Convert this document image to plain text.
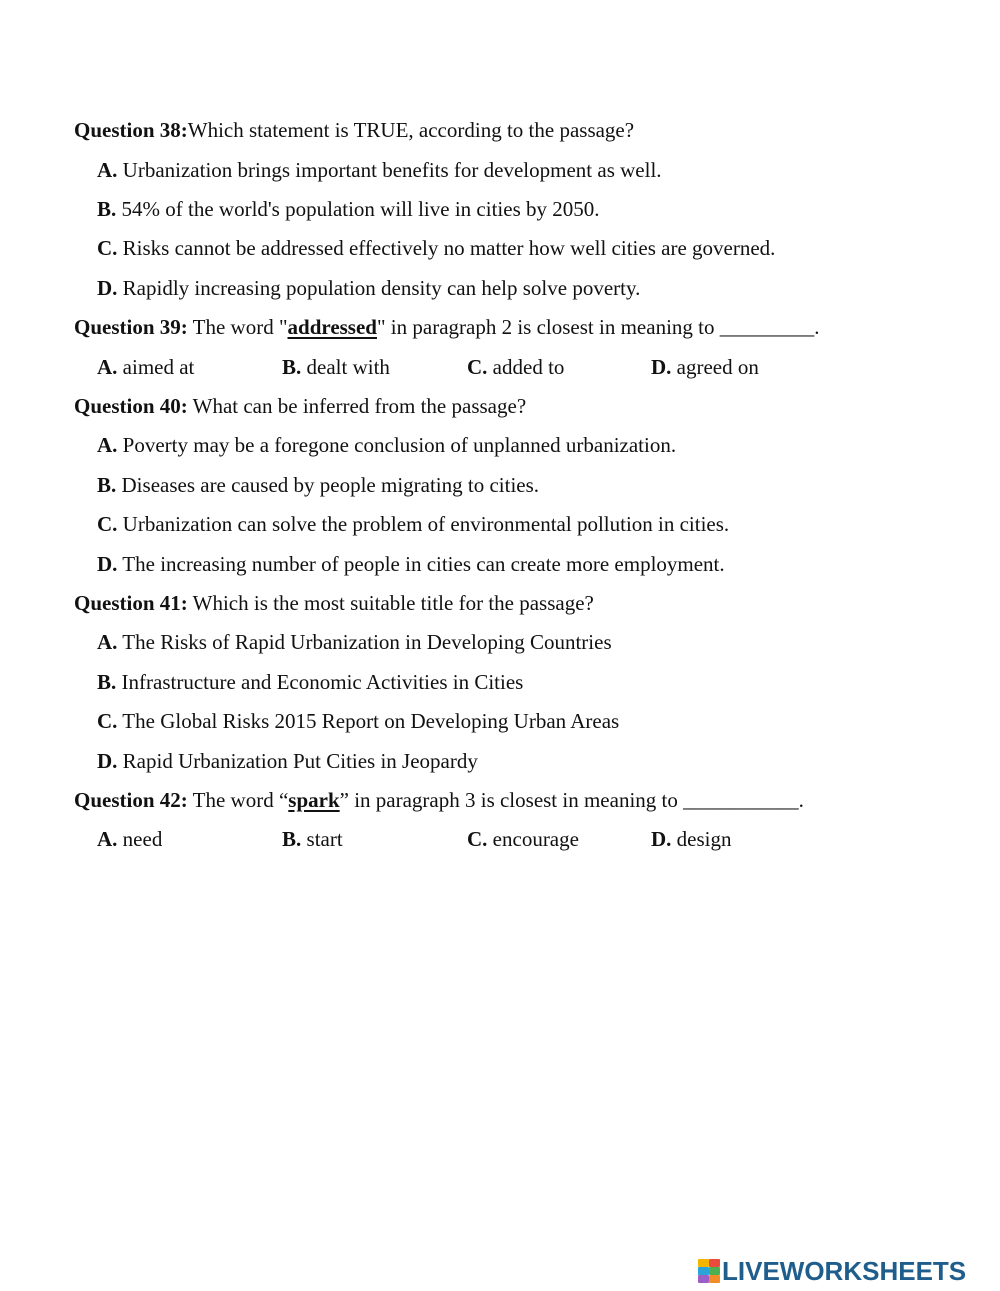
Question 38:Which statement is TRUE, according to the passage?
A. Urbanization brings important benefits for development as well.
B. 54% of the world's population will live in cities by 2050.
C. Risks cannot be addressed effectively no matter how well cities are governed.
D. Rapidly increasing population density can help solve poverty.
Question 39: The word "addressed" in paragraph 2 is closest in meaning to _________.
A. aimed at	B. dealt with	C. added to	D. agreed on
Question 40: What can be inferred from the passage?
A. Poverty may be a foregone conclusion of unplanned urbanization.
B. Diseases are caused by people migrating to cities.
C. Urbanization can solve the problem of environmental pollution in cities.
D. The increasing number of people in cities can create more employment.
Question 41: Which is the most suitable title for the passage?
A. The Risks of Rapid Urbanization in Developing Countries
B. Infrastructure and Economic Activities in Cities
C. The Global Risks 2015 Report on Developing Urban Areas
D. Rapid Urbanization Put Cities in Jeopardy
Question 42: The word “spark” in paragraph 3 is closest in meaning to ___________.
A. need	B. start	C. encourage	D. design
LIVEWORKSHEETS
